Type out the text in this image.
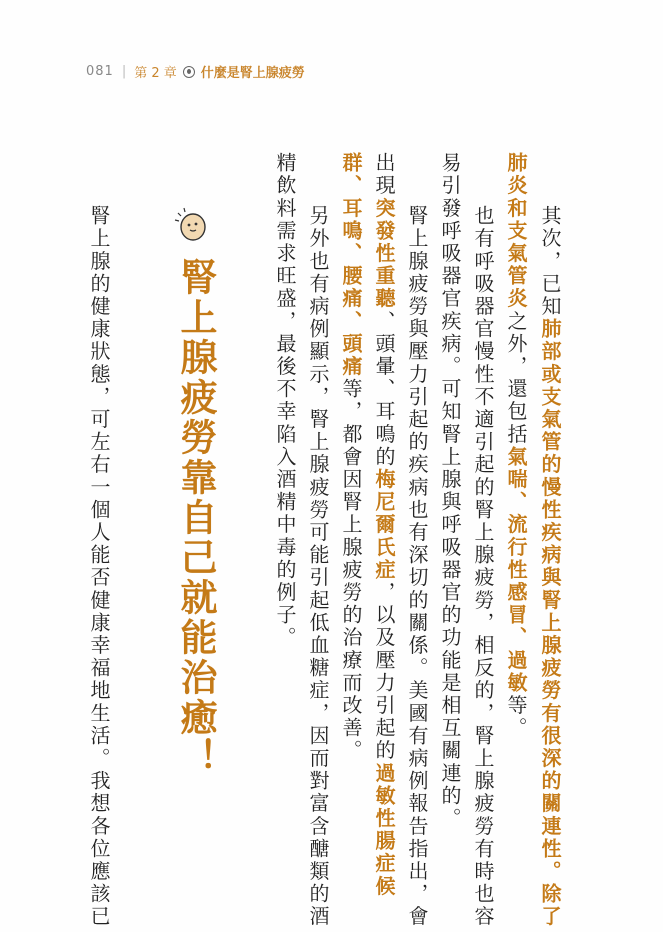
081 | 第 2 章 什麼是腎上腺疲勞
其次，已知肺部或支氣管的慢性疾病與腎上腺疲勞有很深的關連性。除了
肺炎和支氣管炎之外，還包括氣喘、流行性感冒、過敏等。
也有呼吸器官慢性不適引起的腎上腺疲勞，相反的，腎上腺疲勞有時也容
易引發呼吸器官疾病。可知腎上腺與呼吸器官的功能是相互關連的。
腎上腺疲勞與壓力引起的疾病也有深切的關係。美國有病例報告指出，會
出現突發性重聽、頭暈、耳鳴的梅尼爾氏症，以及壓力引起的過敏性腸症候
群、耳鳴、腰痛、頭痛等，都會因腎上腺疲勞的治療而改善。
另外也有病例顯示，腎上腺疲勞可能引起低血糖症，因而對富含醣類的酒
精飲料需求旺盛，最後不幸陷入酒精中毒的例子。
腎上腺疲勞靠自己就能治癒！
腎上腺的健康狀態，可左右一個人能否健康幸福地生活。我想各位應該已
